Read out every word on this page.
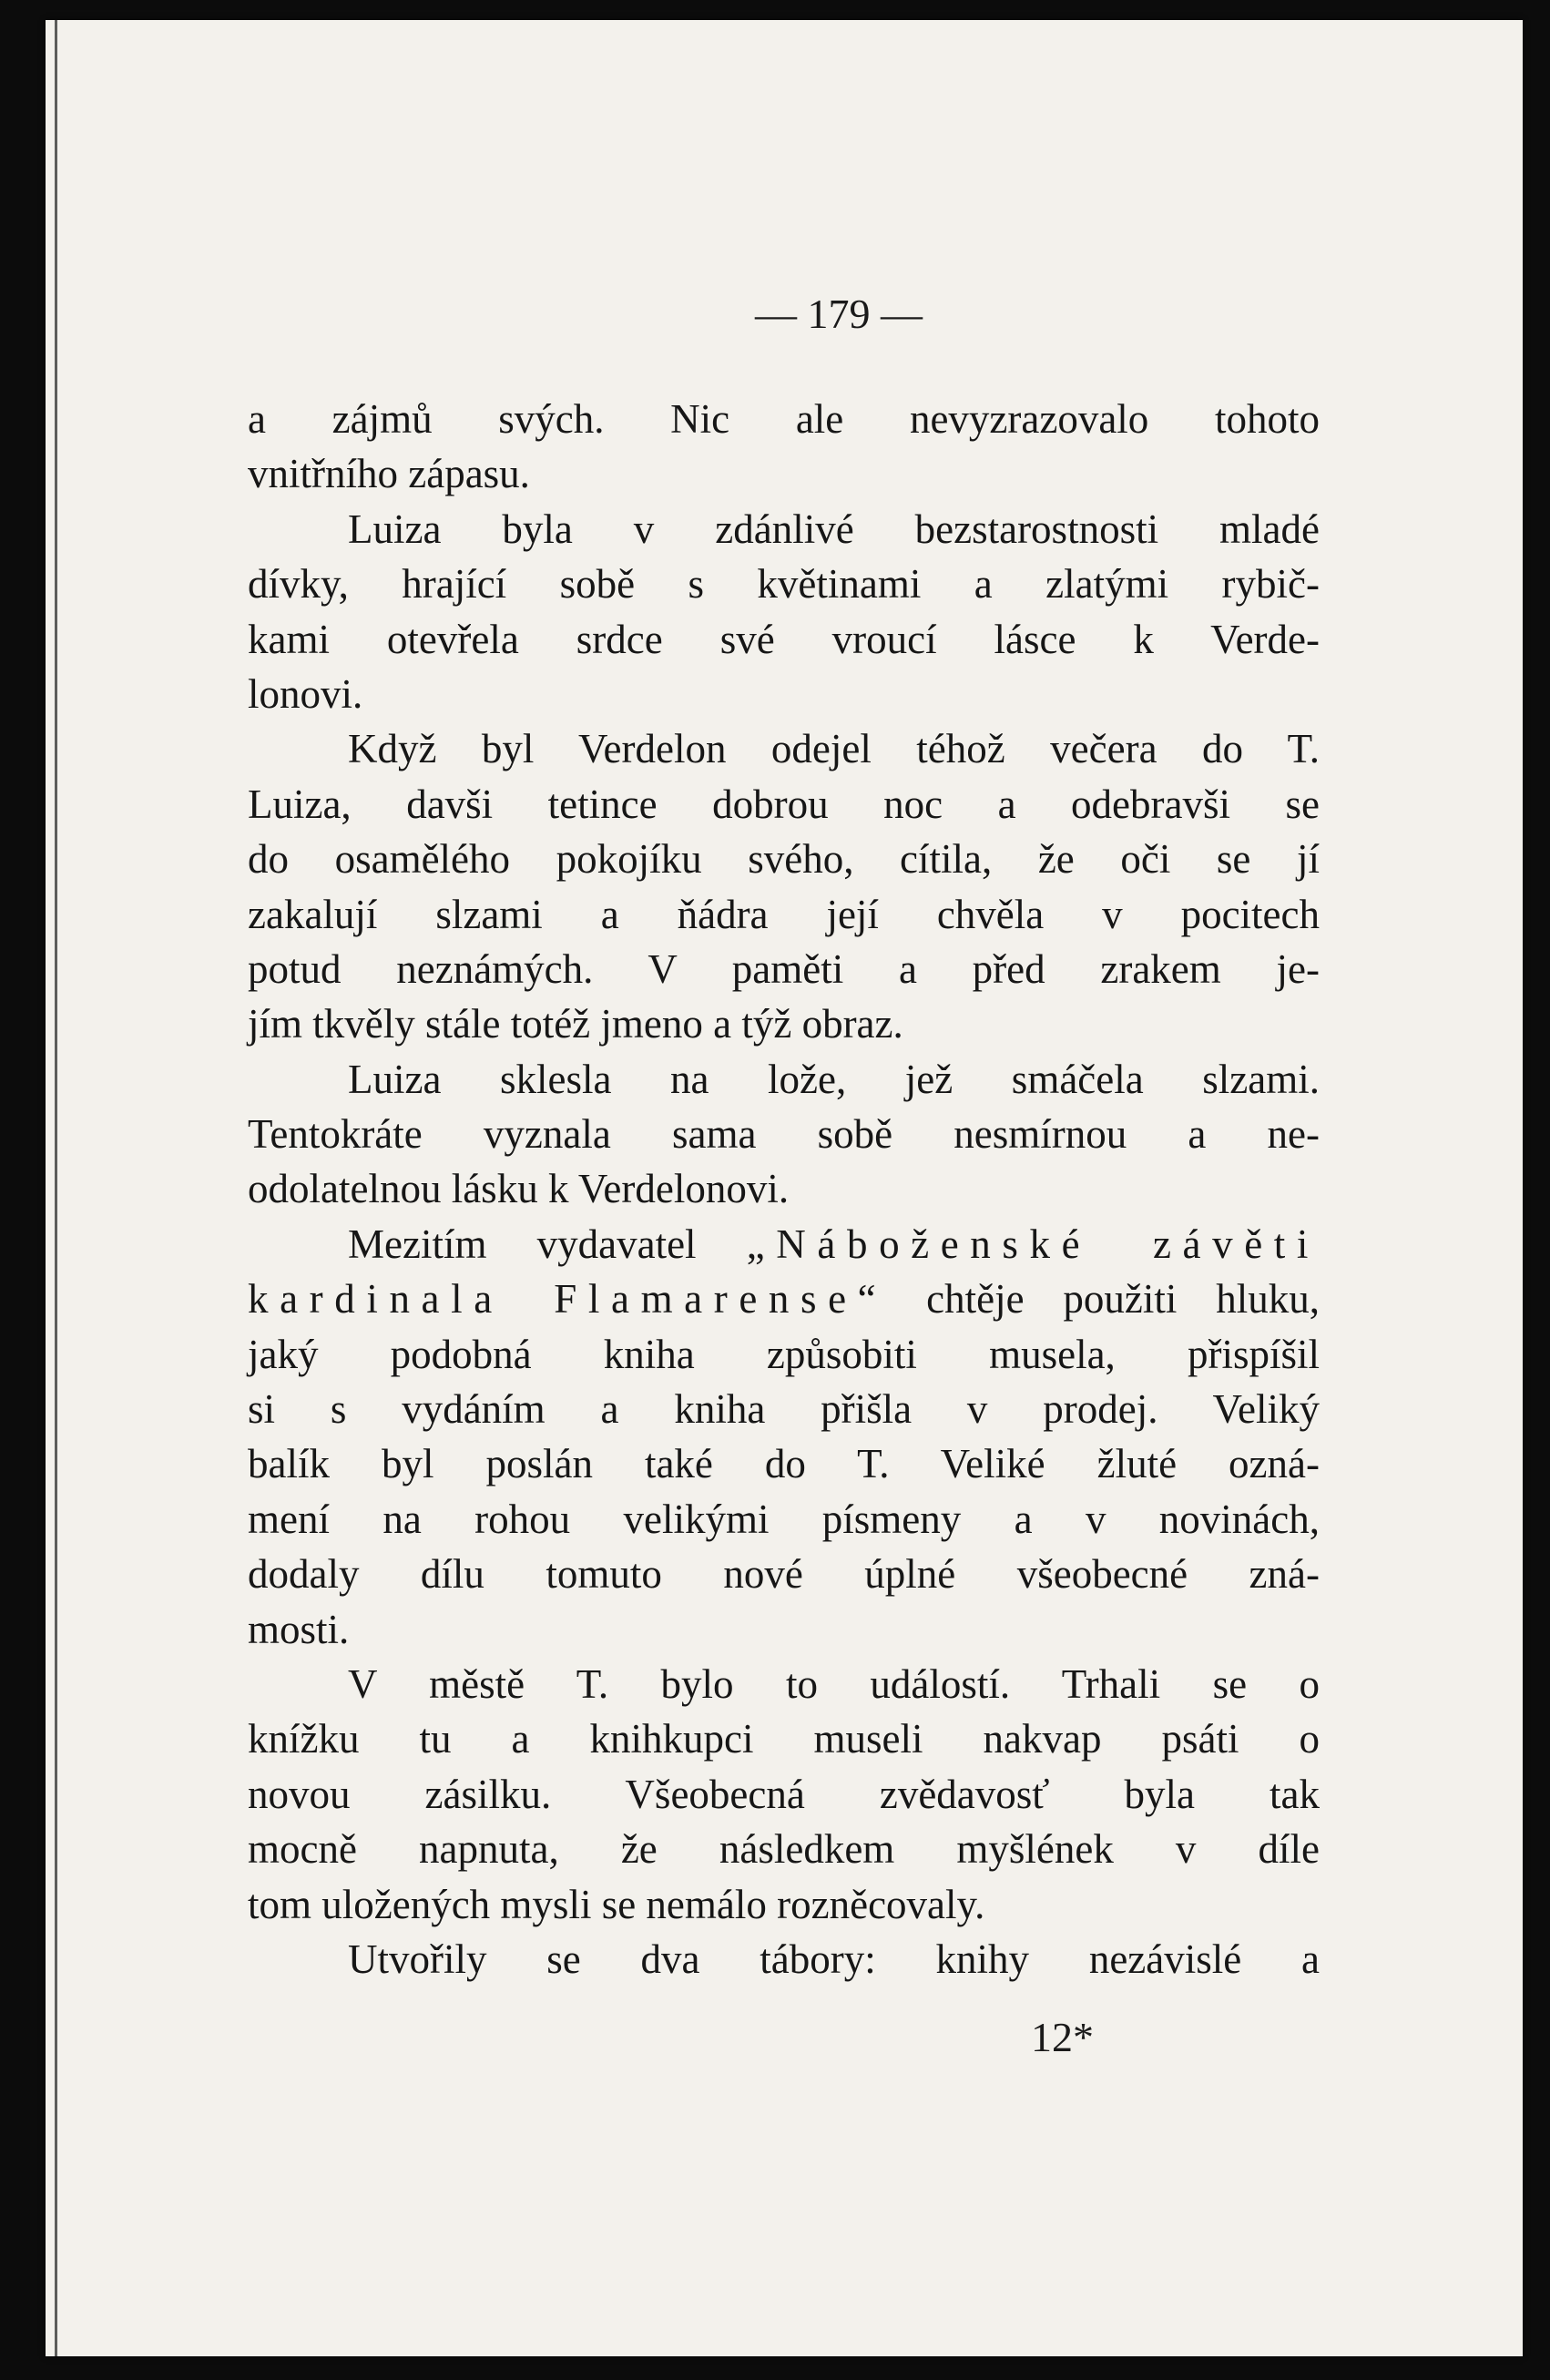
— 179 —
a zájmů svých. Nic ale nevyzrazovalo tohoto
vnitřního zápasu.
Luiza byla v zdánlivé bezstarostnosti mladé
dívky, hrající sobě s květinami a zlatými rybič-
kami otevřela srdce své vroucí lásce k Verde-
lonovi.
Když byl Verdelon odejel téhož večera do T.
Luiza, davši tetince dobrou noc a odebravši se
do osamělého pokojíku svého, cítila, že oči se jí
zakalují slzami a ňádra její chvěla v pocitech
potud neznámých. V paměti a před zrakem je-
jím tkvěly stále totéž jmeno a týž obraz.
Luiza sklesla na lože, jež smáčela slzami.
Tentokráte vyznala sama sobě nesmírnou a ne-
odolatelnou lásku k Verdelonovi.
Mezitím vydavatel „Náboženské závěti
kardinala Flamarense“ chtěje použiti hluku,
jaký podobná kniha způsobiti musela, přispíšil
si s vydáním a kniha přišla v prodej. Veliký
balík byl poslán také do T. Veliké žluté ozná-
mení na rohou velikými písmeny a v novinách,
dodaly dílu tomuto nové úplné všeobecné zná-
mosti.
V městě T. bylo to událostí. Trhali se o
knížku tu a knihkupci museli nakvap psáti o
novou zásilku. Všeobecná zvědavosť byla tak
mocně napnuta, že následkem myšlének v díle
tom uložených mysli se nemálo rozněcovaly.
Utvořily se dva tábory: knihy nezávislé a
12*
